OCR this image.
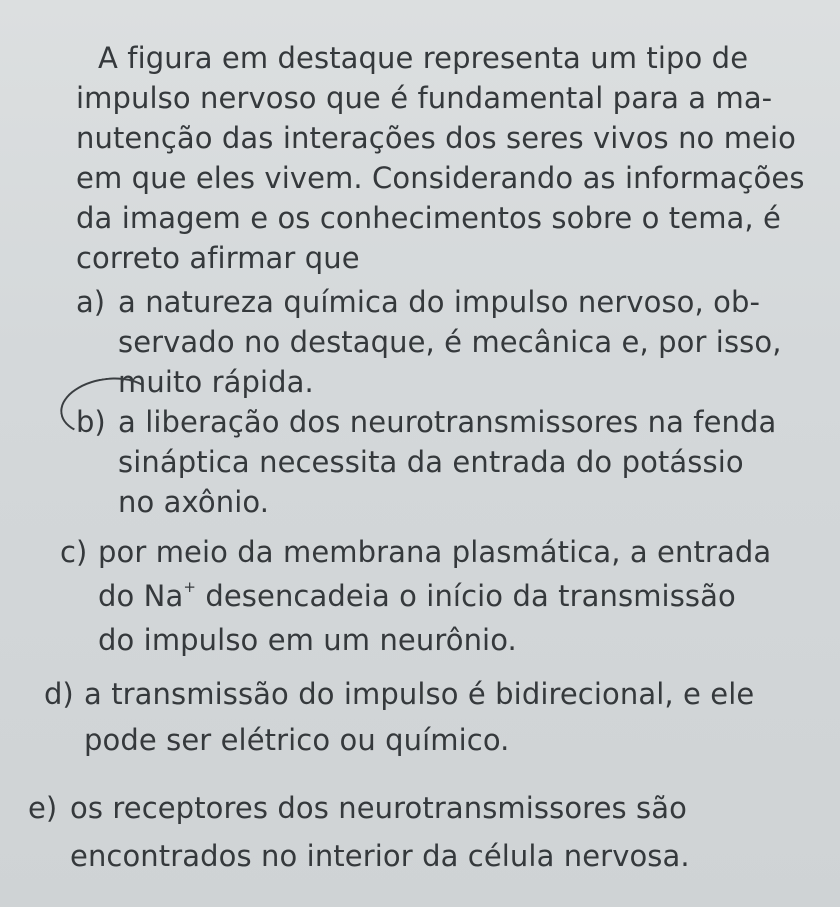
A figura em destaque representa um tipo de
impulso nervoso que é fundamental para a ma-
nutenção das interações dos seres vivos no meio
em que eles vivem. Considerando as informações
da imagem e os conhecimentos sobre o tema, é
correto afirmar que
a) a natureza química do impulso nervoso, ob-
servado no destaque, é mecânica e, por isso,
muito rápida.
b) a liberação dos neurotransmissores na fenda
sináptica necessita da entrada do potássio
no axônio.
c) por meio da membrana plasmática, a entrada
do Na+ desencadeia o início da transmissão
do impulso em um neurônio.
d) a transmissão do impulso é bidirecional, e ele
pode ser elétrico ou químico.
e) os receptores dos neurotransmissores são
encontrados no interior da célula nervosa.
